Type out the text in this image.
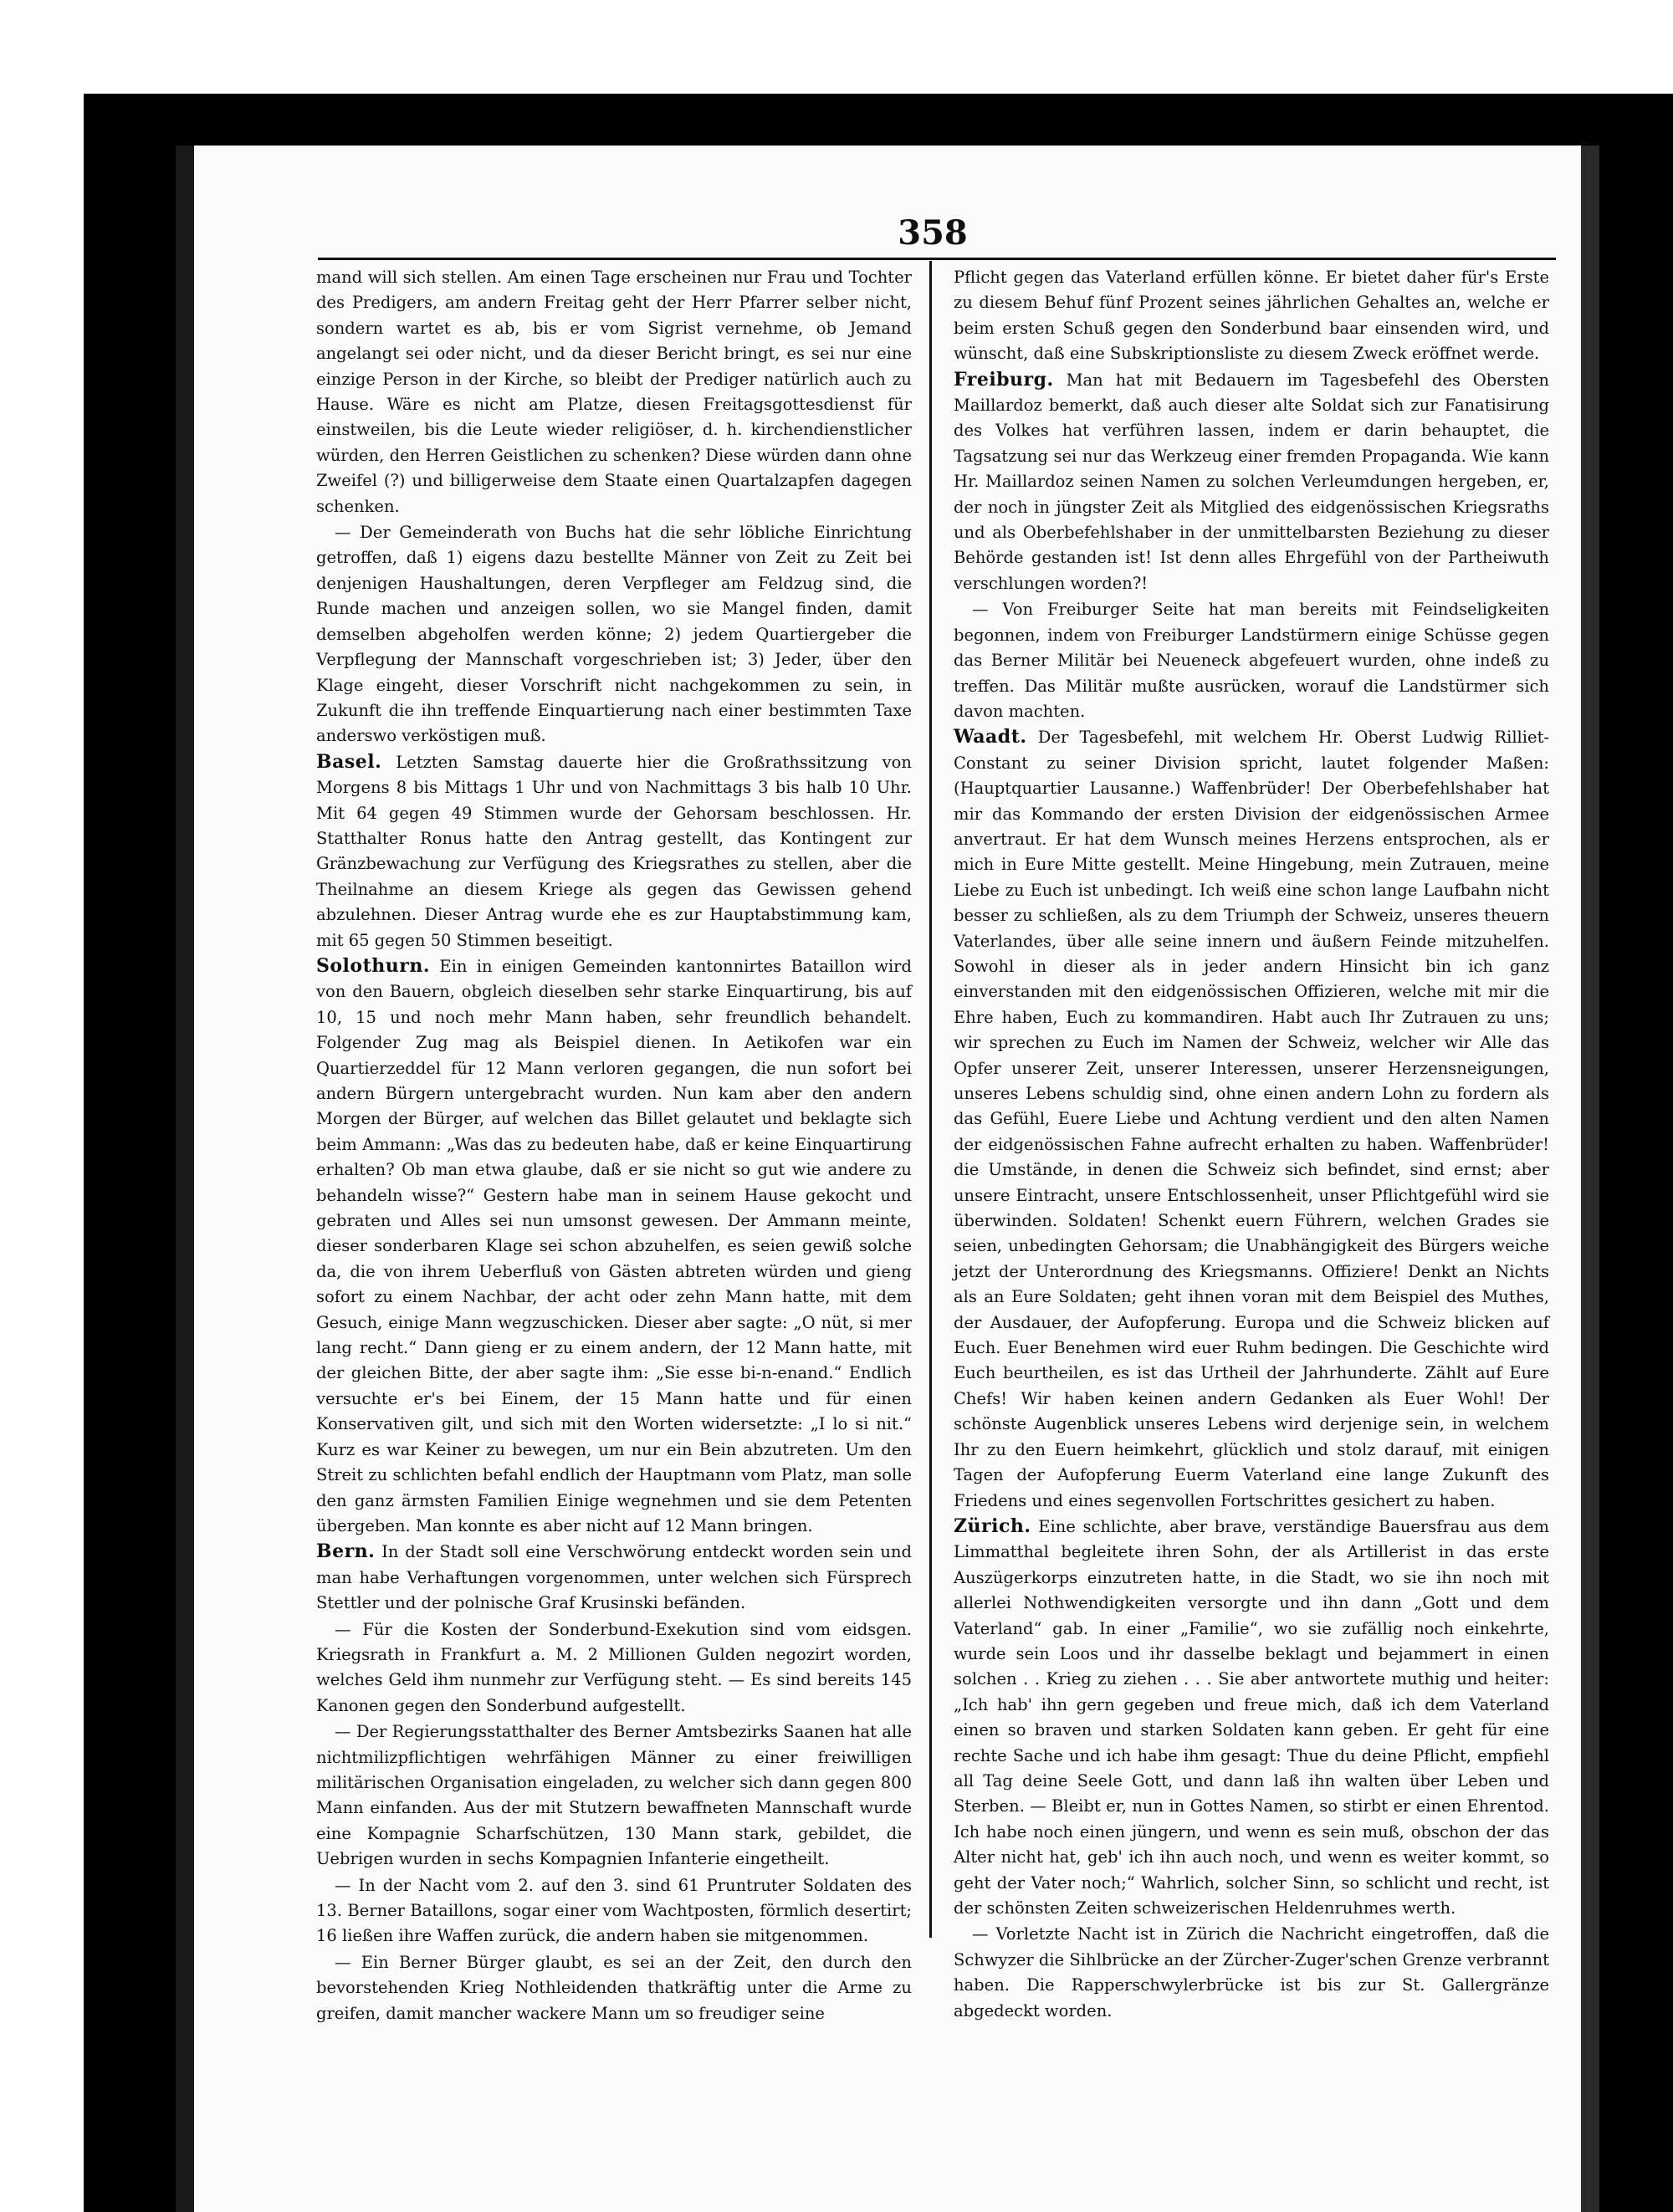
358

mand will sich stellen. Am einen Tage erscheinen nur Frau und Tochter des Predigers, am andern Freitag geht der Herr Pfarrer selber nicht, sondern wartet es ab, bis er vom Sigrist vernehme, ob Jemand angelangt sei oder nicht, und da dieser Bericht bringt, es sei nur eine einzige Person in der Kirche, so bleibt der Prediger natürlich auch zu Hause. Wäre es nicht am Platze, diesen Freitagsgottesdienst für einstweilen, bis die Leute wieder religiöser, d. h. kirchendienstlicher würden, den Herren Geistlichen zu schenken? Diese würden dann ohne Zweifel (?) und billigerweise dem Staate einen Quartalzapfen dagegen schenken.

— Der Gemeinderath von Buchs hat die sehr löbliche Einrichtung getroffen, daß 1) eigens dazu bestellte Männer von Zeit zu Zeit bei denjenigen Haushaltungen, deren Verpfleger am Feldzug sind, die Runde machen und anzeigen sollen, wo sie Mangel finden, damit demselben abgeholfen werden könne; 2) jedem Quartiergeber die Verpflegung der Mannschaft vorgeschrieben ist; 3) Jeder, über den Klage eingeht, dieser Vorschrift nicht nachgekommen zu sein, in Zukunft die ihn treffende Einquartierung nach einer bestimmten Taxe anderswo verköstigen muß.

Basel. Letzten Samstag dauerte hier die Großrathssitzung von Morgens 8 bis Mittags 1 Uhr und von Nachmittags 3 bis halb 10 Uhr. Mit 64 gegen 49 Stimmen wurde der Gehorsam beschlossen. Hr. Statthalter Ronus hatte den Antrag gestellt, das Kontingent zur Gränzbewachung zur Verfügung des Kriegsrathes zu stellen, aber die Theilnahme an diesem Kriege als gegen das Gewissen gehend abzulehnen. Dieser Antrag wurde ehe es zur Hauptabstimmung kam, mit 65 gegen 50 Stimmen beseitigt.

Solothurn. Ein in einigen Gemeinden kantonnirtes Bataillon wird von den Bauern, obgleich dieselben sehr starke Einquartirung, bis auf 10, 15 und noch mehr Mann haben, sehr freundlich behandelt. Folgender Zug mag als Beispiel dienen. In Aetikofen war ein Quartierzeddel für 12 Mann verloren gegangen, die nun sofort bei andern Bürgern untergebracht wurden. Nun kam aber den andern Morgen der Bürger, auf welchen das Billet gelautet und beklagte sich beim Ammann: „Was das zu bedeuten habe, daß er keine Einquartirung erhalten? Ob man etwa glaube, daß er sie nicht so gut wie andere zu behandeln wisse?“ Gestern habe man in seinem Hause gekocht und gebraten und Alles sei nun umsonst gewesen. Der Ammann meinte, dieser sonderbaren Klage sei schon abzuhelfen, es seien gewiß solche da, die von ihrem Ueberfluß von Gästen abtreten würden und gieng sofort zu einem Nachbar, der acht oder zehn Mann hatte, mit dem Gesuch, einige Mann wegzuschicken. Dieser aber sagte: „O nüt, si mer lang recht.“ Dann gieng er zu einem andern, der 12 Mann hatte, mit der gleichen Bitte, der aber sagte ihm: „Sie esse bi-n-enand.“ Endlich versuchte er's bei Einem, der 15 Mann hatte und für einen Konservativen gilt, und sich mit den Worten widersetzte: „I lo si nit.“ Kurz es war Keiner zu bewegen, um nur ein Bein abzutreten. Um den Streit zu schlichten befahl endlich der Hauptmann vom Platz, man solle den ganz ärmsten Familien Einige wegnehmen und sie dem Petenten übergeben. Man konnte es aber nicht auf 12 Mann bringen.

Bern. In der Stadt soll eine Verschwörung entdeckt worden sein und man habe Verhaftungen vorgenommen, unter welchen sich Fürsprech Stettler und der polnische Graf Krusinski befänden.

— Für die Kosten der Sonderbund-Exekution sind vom eidsgen. Kriegsrath in Frankfurt a. M. 2 Millionen Gulden negozirt worden, welches Geld ihm nunmehr zur Verfügung steht. — Es sind bereits 145 Kanonen gegen den Sonderbund aufgestellt.

— Der Regierungsstatthalter des Berner Amtsbezirks Saanen hat alle nichtmilizpflichtigen wehrfähigen Männer zu einer freiwilligen militärischen Organisation eingeladen, zu welcher sich dann gegen 800 Mann einfanden. Aus der mit Stutzern bewaffneten Mannschaft wurde eine Kompagnie Scharfschützen, 130 Mann stark, gebildet, die Uebrigen wurden in sechs Kompagnien Infanterie eingetheilt.

— In der Nacht vom 2. auf den 3. sind 61 Pruntruter Soldaten des 13. Berner Bataillons, sogar einer vom Wachtposten, förmlich desertirt; 16 ließen ihre Waffen zurück, die andern haben sie mitgenommen.

— Ein Berner Bürger glaubt, es sei an der Zeit, den durch den bevorstehenden Krieg Nothleidenden thatkräftig unter die Arme zu greifen, damit mancher wackere Mann um so freudiger seine

Pflicht gegen das Vaterland erfüllen könne. Er bietet daher für's Erste zu diesem Behuf fünf Prozent seines jährlichen Gehaltes an, welche er beim ersten Schuß gegen den Sonderbund baar einsenden wird, und wünscht, daß eine Subskriptionsliste zu diesem Zweck eröffnet werde.

Freiburg. Man hat mit Bedauern im Tagesbefehl des Obersten Maillardoz bemerkt, daß auch dieser alte Soldat sich zur Fanatisirung des Volkes hat verführen lassen, indem er darin behauptet, die Tagsatzung sei nur das Werkzeug einer fremden Propaganda. Wie kann Hr. Maillardoz seinen Namen zu solchen Verleumdungen hergeben, er, der noch in jüngster Zeit als Mitglied des eidgenössischen Kriegsraths und als Oberbefehlshaber in der unmittelbarsten Beziehung zu dieser Behörde gestanden ist! Ist denn alles Ehrgefühl von der Partheiwuth verschlungen worden?!

— Von Freiburger Seite hat man bereits mit Feindseligkeiten begonnen, indem von Freiburger Landstürmern einige Schüsse gegen das Berner Militär bei Neueneck abgefeuert wurden, ohne indeß zu treffen. Das Militär mußte ausrücken, worauf die Landstürmer sich davon machten.

Waadt. Der Tagesbefehl, mit welchem Hr. Oberst Ludwig Rilliet-Constant zu seiner Division spricht, lautet folgender Maßen: (Hauptquartier Lausanne.) Waffenbrüder! Der Oberbefehlshaber hat mir das Kommando der ersten Division der eidgenössischen Armee anvertraut. Er hat dem Wunsch meines Herzens entsprochen, als er mich in Eure Mitte gestellt. Meine Hingebung, mein Zutrauen, meine Liebe zu Euch ist unbedingt. Ich weiß eine schon lange Laufbahn nicht besser zu schließen, als zu dem Triumph der Schweiz, unseres theuern Vaterlandes, über alle seine innern und äußern Feinde mitzuhelfen. Sowohl in dieser als in jeder andern Hinsicht bin ich ganz einverstanden mit den eidgenössischen Offizieren, welche mit mir die Ehre haben, Euch zu kommandiren. Habt auch Ihr Zutrauen zu uns; wir sprechen zu Euch im Namen der Schweiz, welcher wir Alle das Opfer unserer Zeit, unserer Interessen, unserer Herzensneigungen, unseres Lebens schuldig sind, ohne einen andern Lohn zu fordern als das Gefühl, Euere Liebe und Achtung verdient und den alten Namen der eidgenössischen Fahne aufrecht erhalten zu haben. Waffenbrüder! die Umstände, in denen die Schweiz sich befindet, sind ernst; aber unsere Eintracht, unsere Entschlossenheit, unser Pflichtgefühl wird sie überwinden. Soldaten! Schenkt euern Führern, welchen Grades sie seien, unbedingten Gehorsam; die Unabhängigkeit des Bürgers weiche jetzt der Unterordnung des Kriegsmanns. Offiziere! Denkt an Nichts als an Eure Soldaten; geht ihnen voran mit dem Beispiel des Muthes, der Ausdauer, der Aufopferung. Europa und die Schweiz blicken auf Euch. Euer Benehmen wird euer Ruhm bedingen. Die Geschichte wird Euch beurtheilen, es ist das Urtheil der Jahrhunderte. Zählt auf Eure Chefs! Wir haben keinen andern Gedanken als Euer Wohl! Der schönste Augenblick unseres Lebens wird derjenige sein, in welchem Ihr zu den Euern heimkehrt, glücklich und stolz darauf, mit einigen Tagen der Aufopferung Euerm Vaterland eine lange Zukunft des Friedens und eines segenvollen Fortschrittes gesichert zu haben.

Zürich. Eine schlichte, aber brave, verständige Bauersfrau aus dem Limmatthal begleitete ihren Sohn, der als Artillerist in das erste Auszügerkorps einzutreten hatte, in die Stadt, wo sie ihn noch mit allerlei Nothwendigkeiten versorgte und ihn dann „Gott und dem Vaterland“ gab. In einer „Familie“, wo sie zufällig noch einkehrte, wurde sein Loos und ihr dasselbe beklagt und bejammert in einen solchen . . Krieg zu ziehen . . . Sie aber antwortete muthig und heiter: „Ich hab' ihn gern gegeben und freue mich, daß ich dem Vaterland einen so braven und starken Soldaten kann geben. Er geht für eine rechte Sache und ich habe ihm gesagt: Thue du deine Pflicht, empfiehl all Tag deine Seele Gott, und dann laß ihn walten über Leben und Sterben. — Bleibt er, nun in Gottes Namen, so stirbt er einen Ehrentod. Ich habe noch einen jüngern, und wenn es sein muß, obschon der das Alter nicht hat, geb' ich ihn auch noch, und wenn es weiter kommt, so geht der Vater noch;“ Wahrlich, solcher Sinn, so schlicht und recht, ist der schönsten Zeiten schweizerischen Heldenruhmes werth.

— Vorletzte Nacht ist in Zürich die Nachricht eingetroffen, daß die Schwyzer die Sihlbrücke an der Zürcher-Zuger'schen Grenze verbrannt haben. Die Rapperschwylerbrücke ist bis zur St. Gallergränze abgedeckt worden.
